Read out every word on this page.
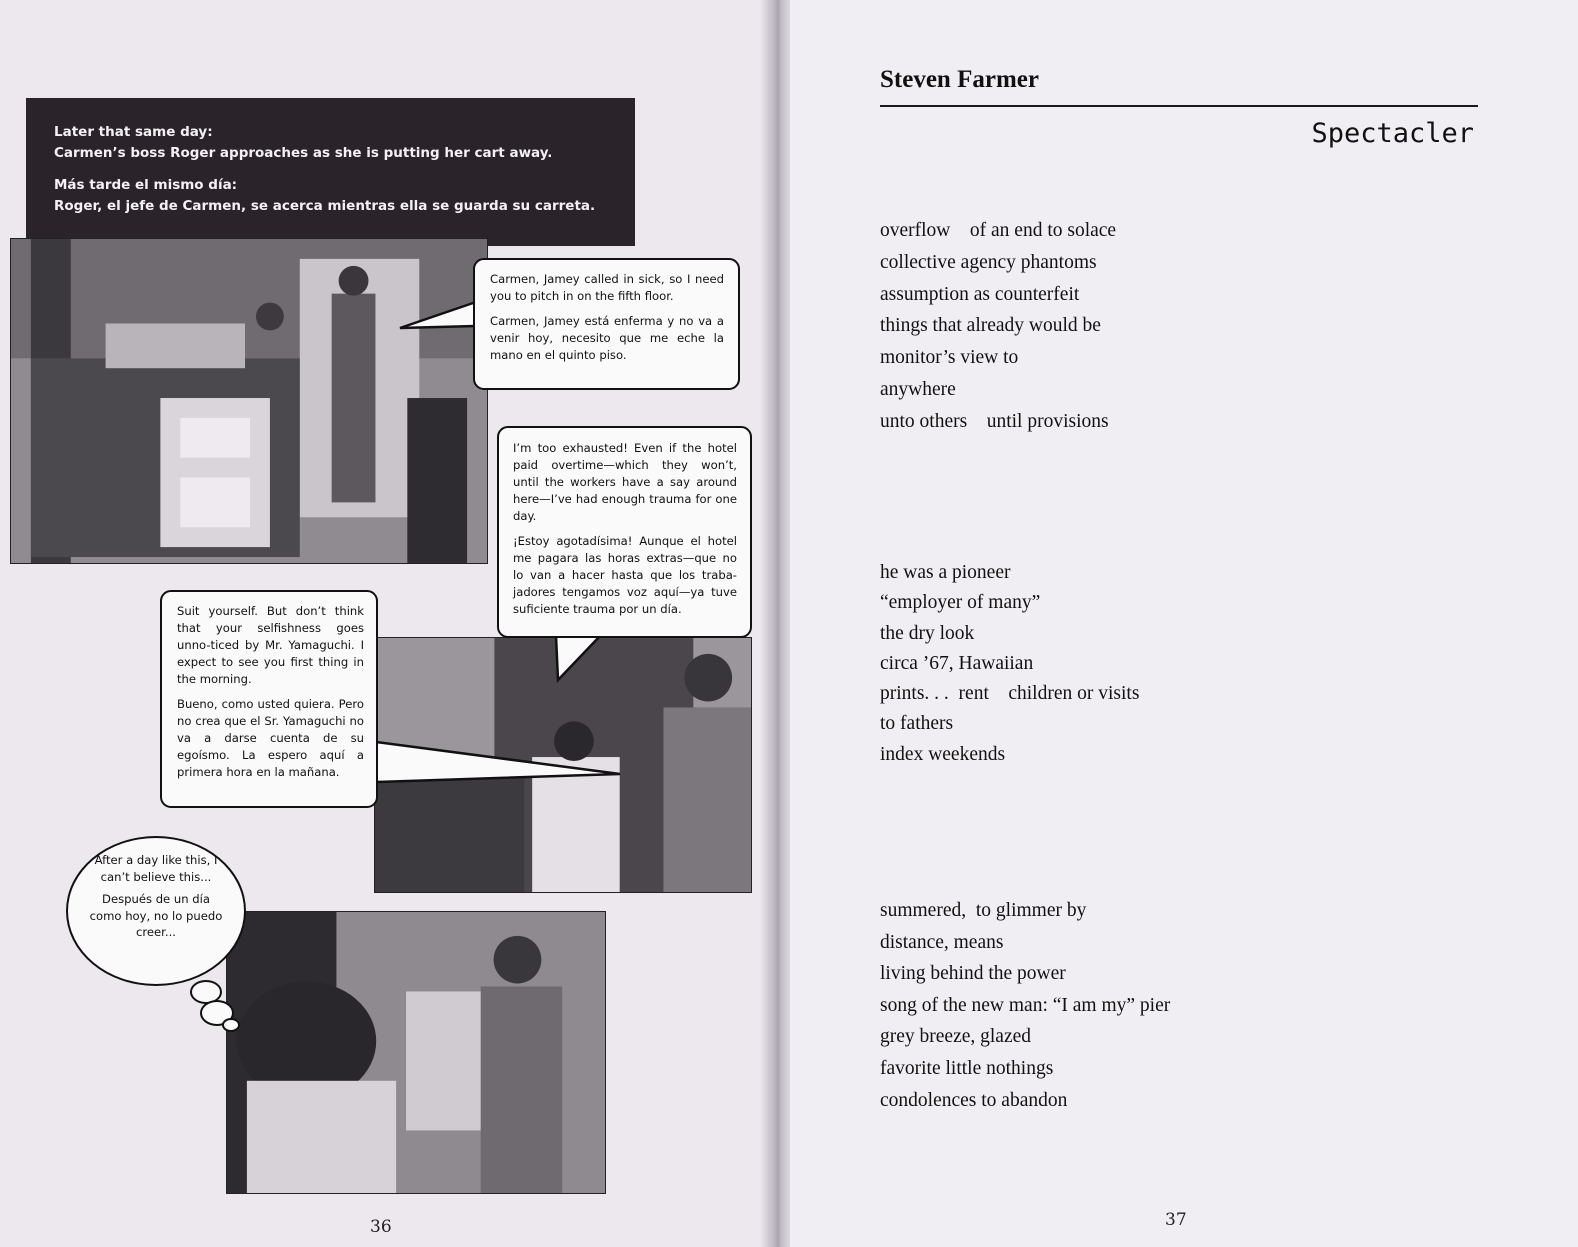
Later that same day:
Carmen’s boss Roger approaches as she is putting her cart away.

Más tarde el mismo día:
Roger, el jefe de Carmen, se acerca mientras ella se guarda su carreta.

Carmen, Jamey called in sick, so I need you to pitch in on the fifth floor.

Carmen, Jamey está enferma y no va a venir hoy, necesito que me eche la mano en el quinto piso.

I’m too exhausted! Even if the hotel paid overtime—which they won’t, until the workers have a say around here—I’ve had enough trauma for one day.

¡Estoy agotadísima! Aunque el hotel me pagara las horas extras—que no lo van a hacer hasta que los traba-jadores tengamos voz aquí—ya tuve suficiente trauma por un día.

Suit yourself. But don’t think that your selfishness goes unno-ticed by Mr. Yamaguchi. I expect to see you first thing in the morning.

Bueno, como usted quiera. Pero no crea que el Sr. Yamaguchi no va a darse cuenta de su egoísmo. La espero aquí a primera hora en la mañana.

After a day like this, I can’t believe this...

Después de un día como hoy, no lo puedo creer...

36
Steven Farmer
Spectacler
overflow    of an end to solace
collective agency phantoms
assumption as counterfeit
things that already would be
monitor’s view to
anywhere
unto others    until provisions
he was a pioneer
“employer of many”
the dry look
circa ’67, Hawaiian
prints. . .  rent    children or visits
to fathers
index weekends
summered,  to glimmer by
distance, means
living behind the power
song of the new man: “I am my” pier
grey breeze, glazed
favorite little nothings
condolences to abandon
37
